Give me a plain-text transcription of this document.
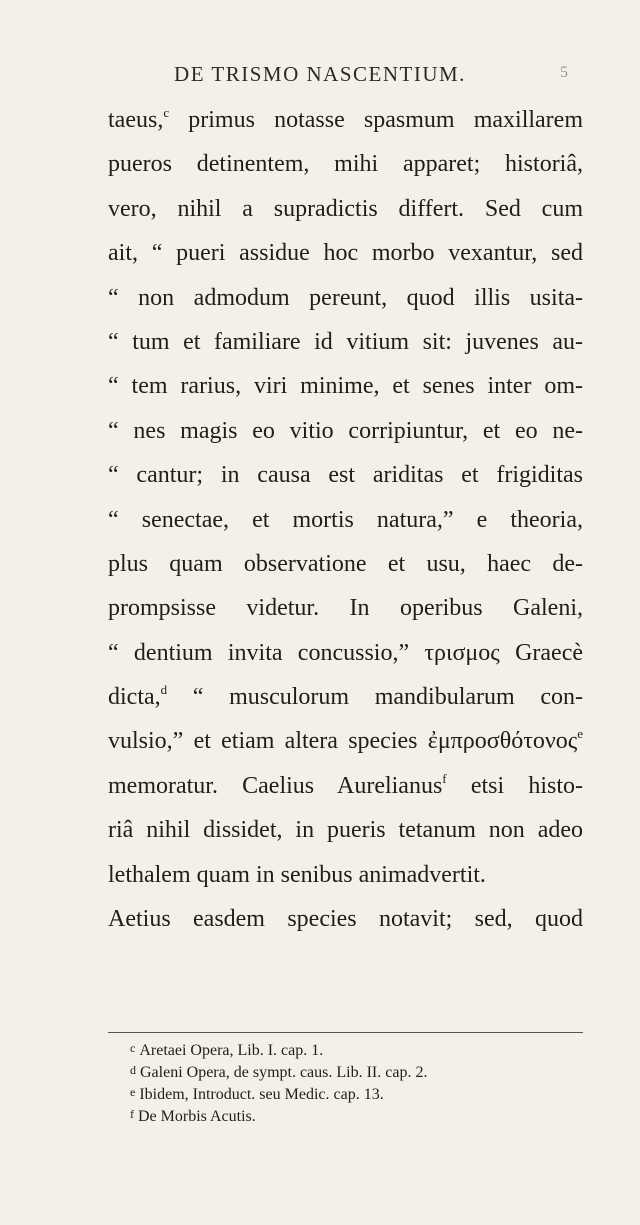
DE TRISMO NASCENTIUM.	5
taeus,$^c$ primus notasse spasmum maxillarem
pueros detinentem, mihi apparet; historiâ,
vero, nihil a supradictis differt. Sed cum
ait, “ pueri assidue hoc morbo vexantur, sed
“ non admodum pereunt, quod illis usita-
“ tum et familiare id vitium sit: juvenes au-
“ tem rarius, viri minime, et senes inter om-
“ nes magis eo vitio corripiuntur, et eo ne-
“ cantur; in causa est ariditas et frigiditas
“ senectae, et mortis natura,” e theoria,
plus quam observatione et usu, haec de-
prompsisse videtur. In operibus Galeni,
“ dentium invita concussio,” τρισμος Graecè
dicta,$^d$ “ musculorum mandibularum con-
vulsio,” et etiam altera species ἐμπροσθότονος$^e$
memoratur. Caelius Aurelianus$^f$ etsi histo-
riâ nihil dissidet, in pueris tetanum non adeo
lethalem quam in senibus animadvertit.
Aetius easdem species notavit; sed, quod
$^c$ Aretaei Opera, Lib. I. cap. 1.
$^d$ Galeni Opera, de sympt. caus. Lib. II. cap. 2.
$^e$ Ibidem, Introduct. seu Medic. cap. 13.
$^f$ De Morbis Acutis.
